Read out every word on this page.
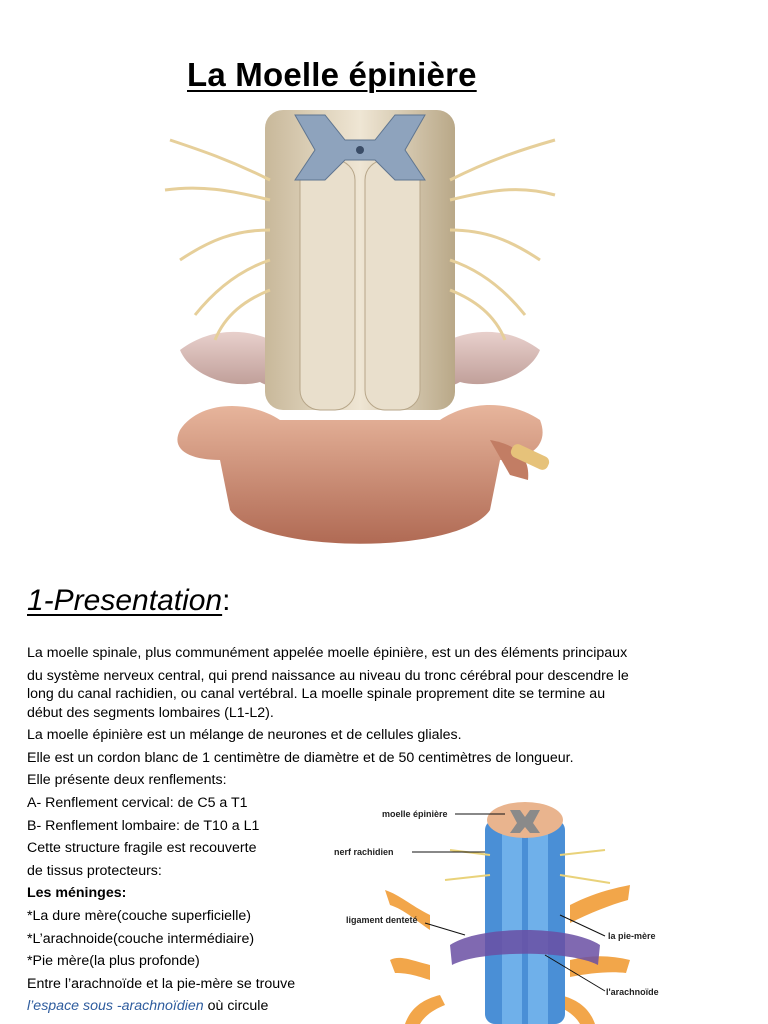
La Moelle épinière
1-Presentation:
La moelle spinale, plus communément appelée moelle épinière, est un des éléments principaux
du système nerveux central, qui prend naissance au niveau du tronc cérébral pour descendre le
long du canal rachidien, ou canal vertébral. La moelle spinale proprement dite se termine au
début des segments lombaires (L1-L2).
La moelle épinière est un mélange de neurones et de cellules gliales.
Elle est un cordon blanc de 1 centimètre de diamètre et de 50 centimètres de longueur.
Elle présente deux renflements:
A- Renflement cervical: de C5 a T1
B- Renflement lombaire: de T10 a L1
Cette structure fragile est recouverte
de tissus protecteurs:
Les méninges:
*La dure mère(couche superficielle)
*L’arachnoide(couche intermédiaire)
*Pie mère(la plus profonde)
Entre l’arachnoïde et la pie-mère se trouve
l’espace sous -arachnoïdien où circule
moelle épinière
nerf rachidien
ligament denteté
la pie-mère
l'arachnoïde
